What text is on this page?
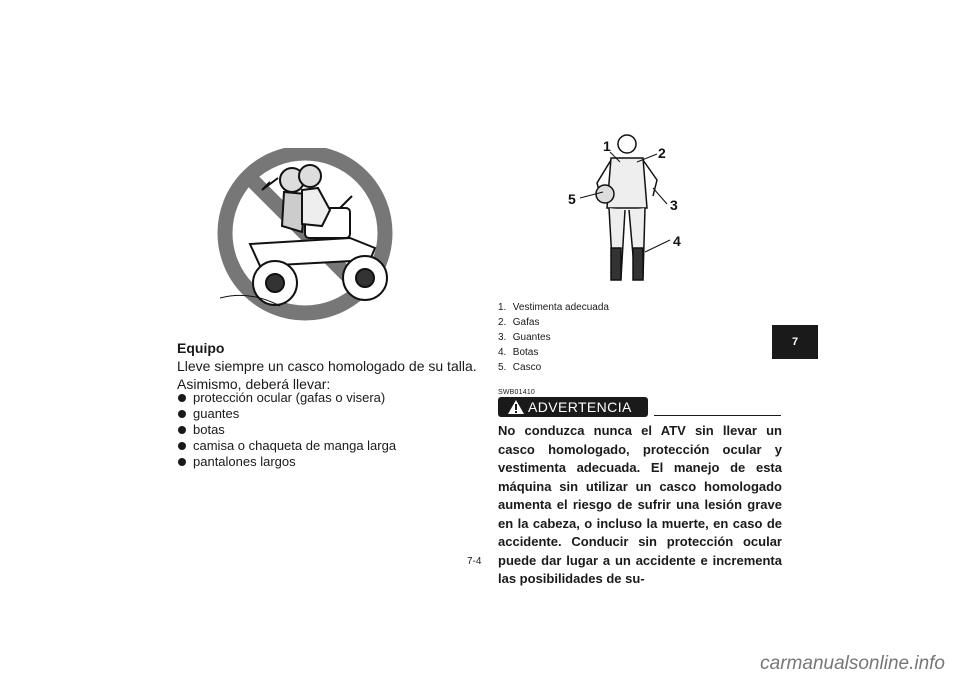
Equipo
Lleve siempre un casco homologado de su talla. Asimismo, deberá llevar:
protección ocular (gafas o visera)
guantes
botas
camisa o chaqueta de manga larga
pantalones largos
1	2
3
4
5
1. Vestimenta adecuada
2. Gafas
3. Guantes
4. Botas
5. Casco
SWB01410
ADVERTENCIA
No conduzca nunca el ATV sin llevar un casco homologado, protección ocular y vestimenta adecuada. El manejo de esta máquina sin utilizar un casco homologado aumenta el riesgo de sufrir una lesión grave en la cabeza, o incluso la muerte, en caso de accidente. Conducir sin protección ocular puede dar lugar a un accidente e incrementa las posibilidades de su-
7-4
7
carmanualsonline.info
